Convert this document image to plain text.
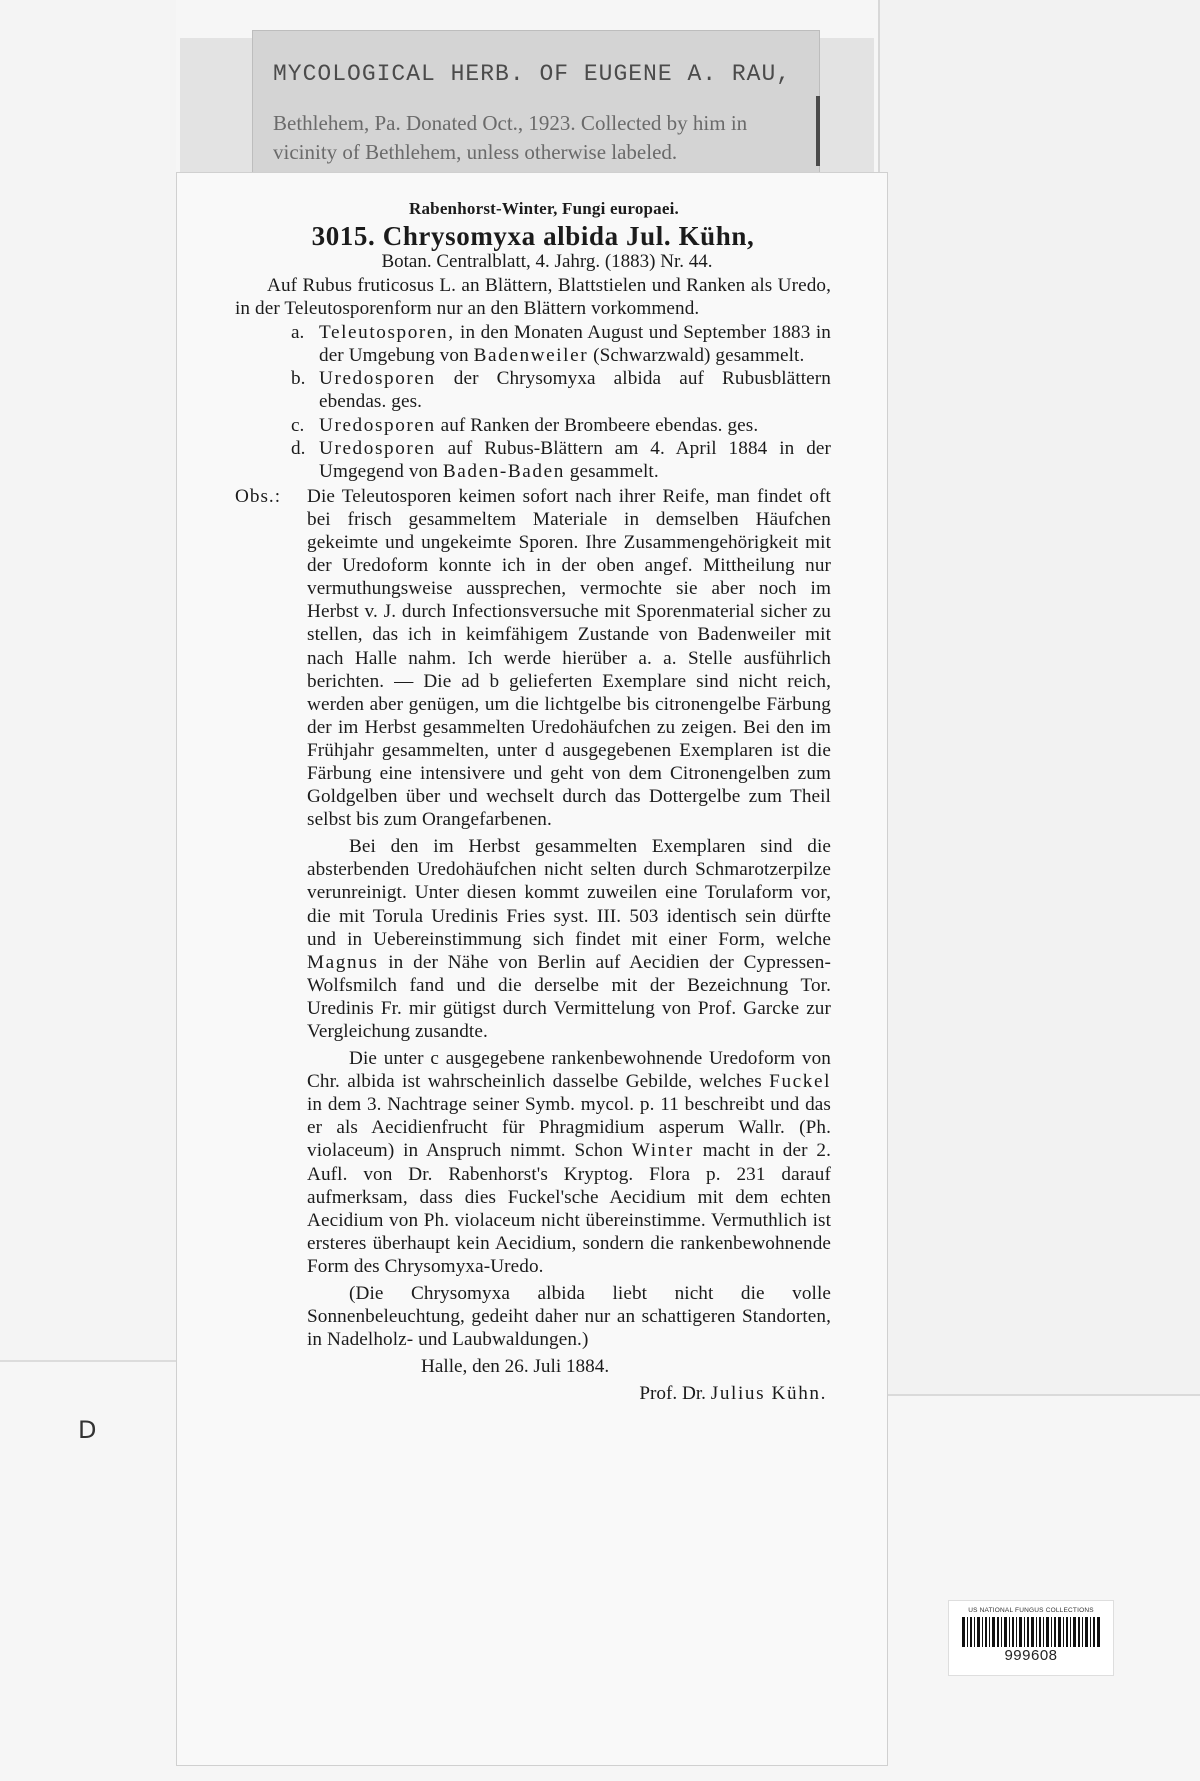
MYCOLOGICAL HERB. OF EUGENE A. RAU,
Bethlehem, Pa. Donated Oct., 1923. Collected by him in vicinity of Bethlehem, unless otherwise labeled.
Rabenhorst-Winter, Fungi europaei.
3015. Chrysomyxa albida Jul. Kühn,
Botan. Centralblatt, 4. Jahrg. (1883) Nr. 44.

Auf Rubus fruticosus L. an Blättern, Blattstielen und Ranken als Uredo, in der Teleutosporenform nur an den Blättern vorkommend.

a. Teleutosporen, in den Monaten August und September 1883 in der Umgebung von Badenweiler (Schwarzwald) gesammelt.

b. Uredosporen der Chrysomyxa albida auf Rubusblättern ebendas. ges.

c. Uredosporen auf Ranken der Brombeere ebendas. ges.

d. Uredosporen auf Rubus-Blättern am 4. April 1884 in der Umgegend von Baden-Baden gesammelt.

Obs.: Die Teleutosporen keimen sofort nach ihrer Reife, man findet oft bei frisch gesammeltem Materiale in demselben Häufchen gekeimte und ungekeimte Sporen. Ihre Zusammengehörigkeit mit der Uredoform konnte ich in der oben angef. Mittheilung nur vermuthungsweise aussprechen, vermochte sie aber noch im Herbst v. J. durch Infectionsversuche mit Sporenmaterial sicher zu stellen, das ich in keimfähigem Zustande von Badenweiler mit nach Halle nahm. Ich werde hierüber a. a. Stelle ausführlich berichten. — Die ad b gelieferten Exemplare sind nicht reich, werden aber genügen, um die lichtgelbe bis citronengelbe Färbung der im Herbst gesammelten Uredohäufchen zu zeigen. Bei den im Frühjahr gesammelten, unter d ausgegebenen Exemplaren ist die Färbung eine intensivere und geht von dem Citronengelben zum Goldgelben über und wechselt durch das Dottergelbe zum Theil selbst bis zum Orangefarbenen.

Bei den im Herbst gesammelten Exemplaren sind die absterbenden Uredohäufchen nicht selten durch Schmarotzerpilze verunreinigt. Unter diesen kommt zuweilen eine Torulaform vor, die mit Torula Uredinis Fries syst. III. 503 identisch sein dürfte und in Uebereinstimmung sich findet mit einer Form, welche Magnus in der Nähe von Berlin auf Aecidien der Cypressen-Wolfsmilch fand und die derselbe mit der Bezeichnung Tor. Uredinis Fr. mir gütigst durch Vermittelung von Prof. Garcke zur Vergleichung zusandte.

Die unter c ausgegebene rankenbewohnende Uredoform von Chr. albida ist wahrscheinlich dasselbe Gebilde, welches Fuckel in dem 3. Nachtrage seiner Symb. mycol. p. 11 beschreibt und das er als Aecidienfrucht für Phragmidium asperum Wallr. (Ph. violaceum) in Anspruch nimmt. Schon Winter macht in der 2. Aufl. von Dr. Rabenhorst's Kryptog. Flora p. 231 darauf aufmerksam, dass dies Fuckel'sche Aecidium mit dem echten Aecidium von Ph. violaceum nicht übereinstimme. Vermuthlich ist ersteres überhaupt kein Aecidium, sondern die rankenbewohnende Form des Chrysomyxa-Uredo.

(Die Chrysomyxa albida liebt nicht die volle Sonnenbeleuchtung, gedeiht daher nur an schattigeren Standorten, in Nadelholz- und Laubwaldungen.)

Halle, den 26. Juli 1884.
Prof. Dr. Julius Kühn.
D
US NATIONAL FUNGUS COLLECTIONS
999608
